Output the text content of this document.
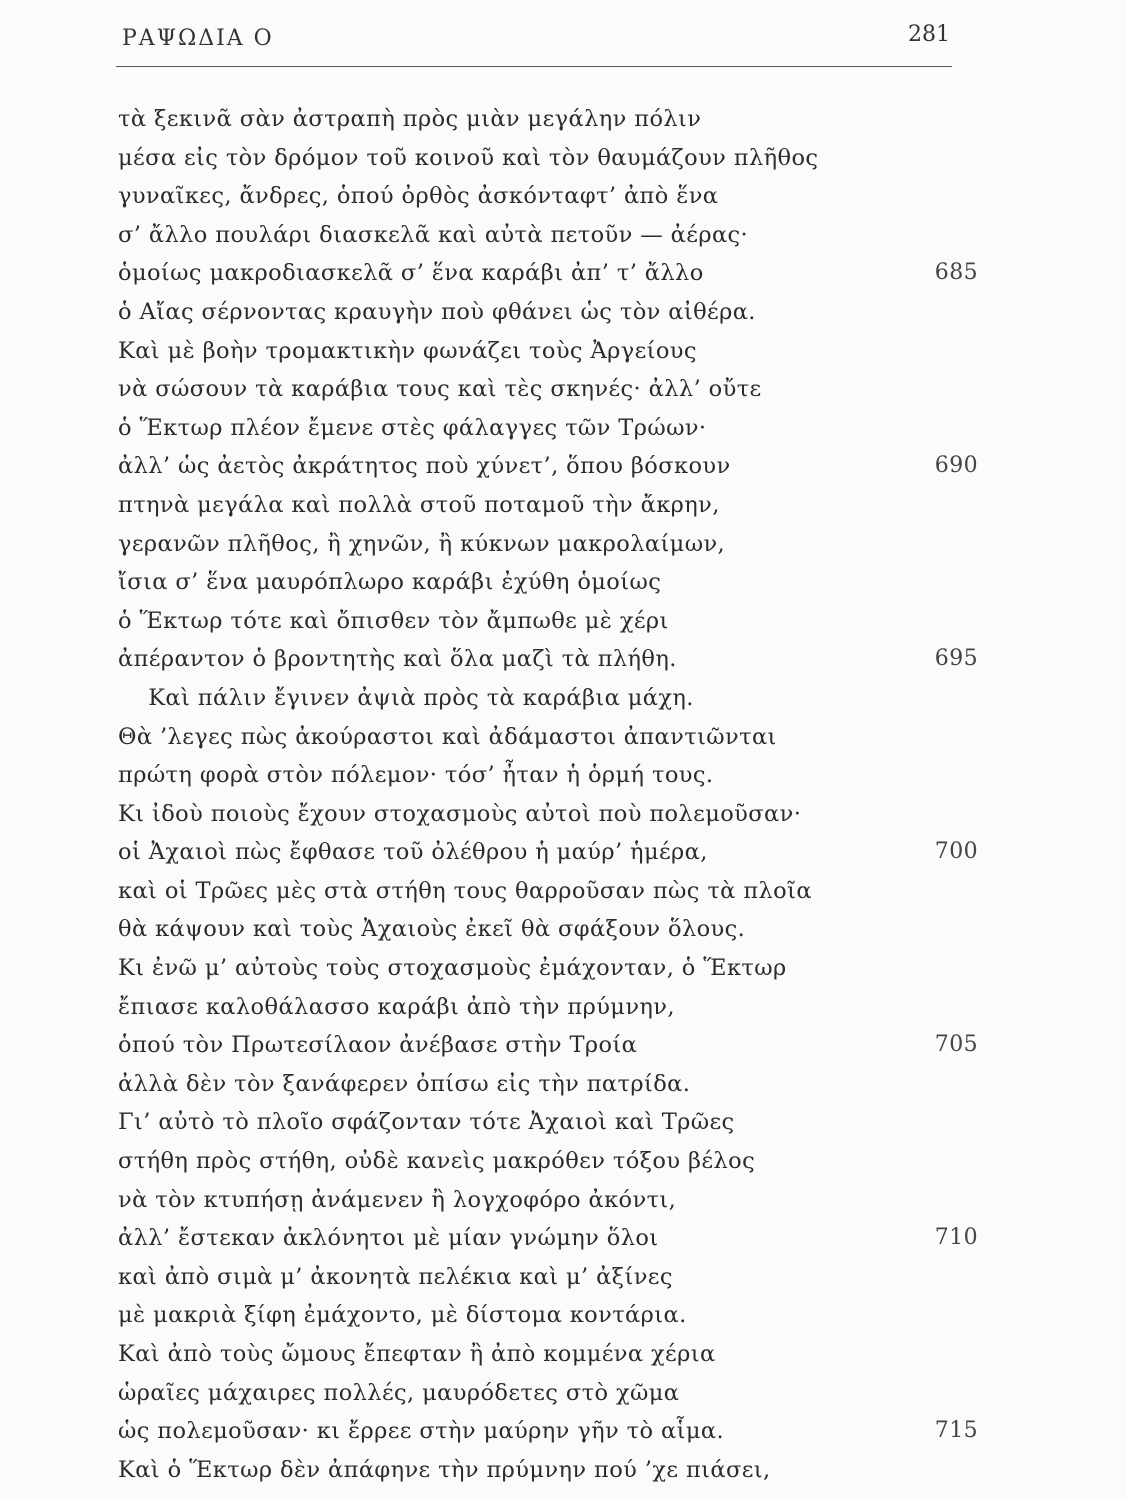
ΡΑΨΩΔΙΑ Ο	281
τὰ ξεκινᾶ σὰν ἀστραπὴ πρὸς μιὰν μεγάλην πόλιν
μέσα εἰς τὸν δρόμον τοῦ κοινοῦ καὶ τὸν θαυμάζουν πλῆθος
γυναῖκες, ἄνδρες, ὁπού ὀρθὸς ἀσκόνταφτ’ ἀπὸ ἕνα
σ’ ἄλλο πουλάρι διασκελᾶ καὶ αὐτὰ πετοῦν — ἀέρας·
ὁμοίως μακροδιασκελᾶ σ’ ἕνα καράβι ἀπ’ τ’ ἄλλο	685
ὁ Αἴας σέρνοντας κραυγὴν ποὺ φθάνει ὡς τὸν αἰθέρα.
Καὶ μὲ βοὴν τρομακτικὴν φωνάζει τοὺς Ἀργείους
νὰ σώσουν τὰ καράβια τους καὶ τὲς σκηνές· ἀλλ’ οὔτε
ὁ Ἕκτωρ πλέον ἔμενε στὲς φάλαγγες τῶν Τρώων·
ἀλλ’ ὡς ἀετὸς ἀκράτητος ποὺ χύνετ’, ὅπου βόσκουν	690
πτηνὰ μεγάλα καὶ πολλὰ στοῦ ποταμοῦ τὴν ἄκρην,
γερανῶν πλῆθος, ἢ χηνῶν, ἢ κύκνων μακρολαίμων,
ἴσια σ’ ἕνα μαυρόπλωρο καράβι ἐχύθη ὁμοίως
ὁ Ἕκτωρ τότε καὶ ὄπισθεν τὸν ἄμπωθε μὲ χέρι
ἀπέραντον ὁ βροντητὴς καὶ ὅλα μαζὶ τὰ πλήθη.	695
Καὶ πάλιν ἔγινεν ἀψιὰ πρὸς τὰ καράβια μάχη.
Θὰ ’λεγες πὼς ἀκούραστοι καὶ ἀδάμαστοι ἀπαντιῶνται
πρώτη φορὰ στὸν πόλεμον· τόσ’ ἦταν ἡ ὁρμή τους.
Κι ἰδοὺ ποιοὺς ἔχουν στοχασμοὺς αὐτοὶ ποὺ πολεμοῦσαν·
οἱ Ἀχαιοὶ πὼς ἔφθασε τοῦ ὀλέθρου ἡ μαύρ’ ἡμέρα,	700
καὶ οἱ Τρῶες μὲς στὰ στήθη τους θαρροῦσαν πὼς τὰ πλοῖα
θὰ κάψουν καὶ τοὺς Ἀχαιοὺς ἐκεῖ θὰ σφάξουν ὅλους.
Κι ἐνῶ μ’ αὐτοὺς τοὺς στοχασμοὺς ἐμάχονταν, ὁ Ἕκτωρ
ἔπιασε καλοθάλασσο καράβι ἀπὸ τὴν πρύμνην,
ὁπού τὸν Πρωτεσίλαον ἀνέβασε στὴν Τροία	705
ἀλλὰ δὲν τὸν ξανάφερεν ὀπίσω εἰς τὴν πατρίδα.
Γι’ αὐτὸ τὸ πλοῖο σφάζονταν τότε Ἀχαιοὶ καὶ Τρῶες
στήθη πρὸς στήθη, οὐδὲ κανεὶς μακρόθεν τόξου βέλος
νὰ τὸν κτυπήσῃ ἀνάμενεν ἢ λογχοφόρο ἀκόντι,
ἀλλ’ ἔστεκαν ἀκλόνητοι μὲ μίαν γνώμην ὅλοι	710
καὶ ἀπὸ σιμὰ μ’ ἀκονητὰ πελέκια καὶ μ’ ἀξίνες
μὲ μακριὰ ξίφη ἐμάχοντο, μὲ δίστομα κοντάρια.
Καὶ ἀπὸ τοὺς ὤμους ἔπεφταν ἢ ἀπὸ κομμένα χέρια
ὡραῖες μάχαιρες πολλές, μαυρόδετες στὸ χῶμα
ὡς πολεμοῦσαν· κι ἔρρεε στὴν μαύρην γῆν τὸ αἷμα.	715
Καὶ ὁ Ἕκτωρ δὲν ἀπάφηνε τὴν πρύμνην πού ’χε πιάσει,
